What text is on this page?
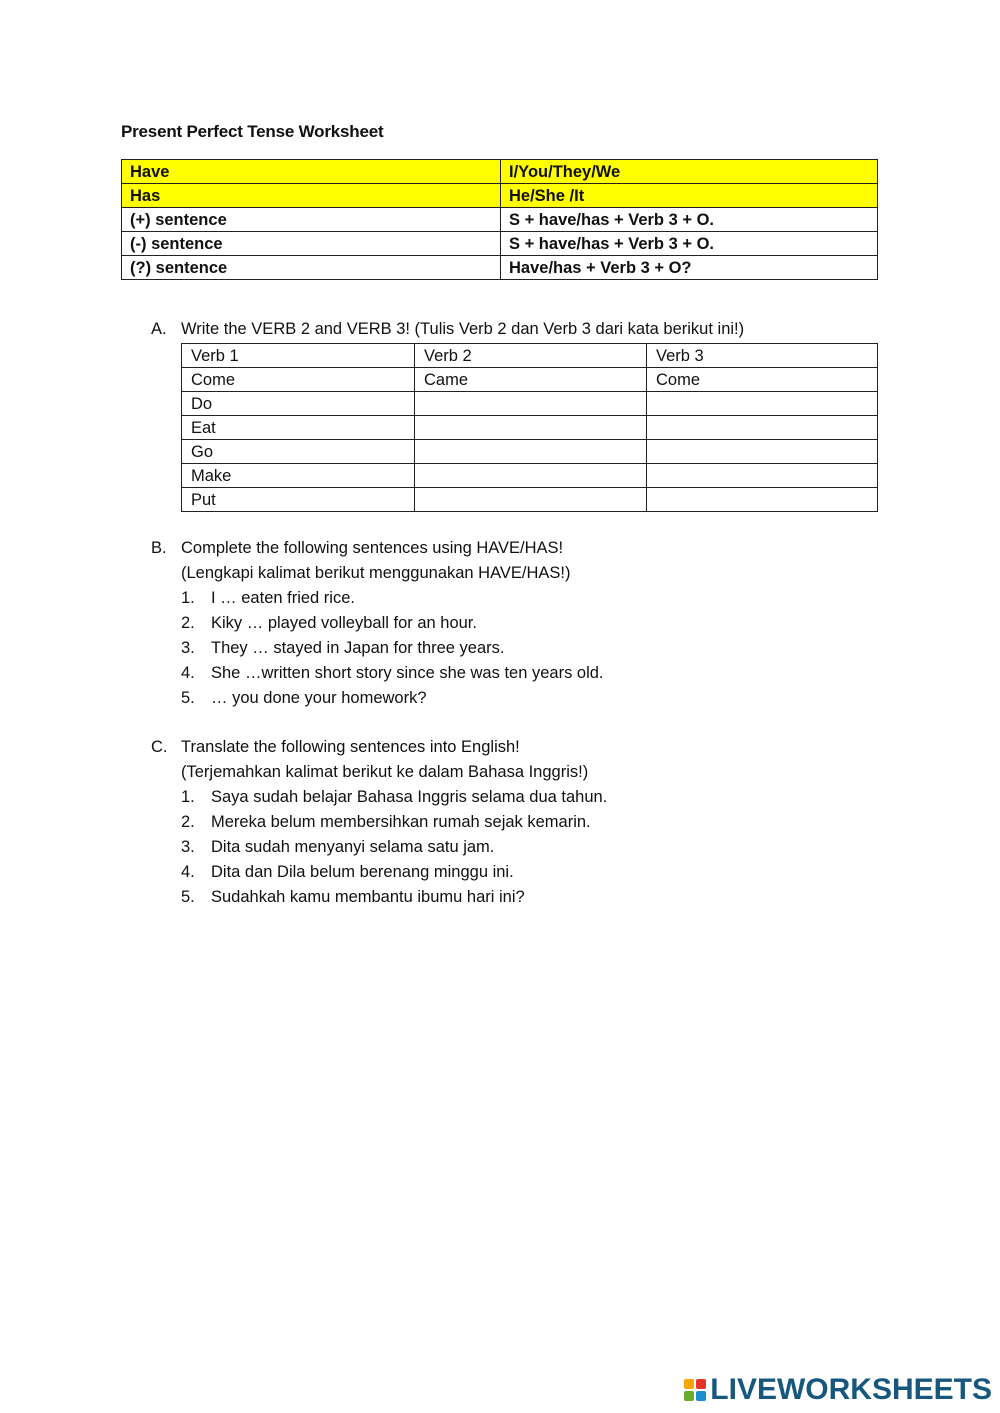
Present Perfect Tense Worksheet
Have	I/You/They/We
Has	He/She /It
(+) sentence	S + have/has + Verb 3 + O.
(-) sentence	S + have/has + Verb 3 + O.
(?) sentence	Have/has + Verb 3 + O?
A. Write the VERB 2 and VERB 3! (Tulis Verb 2 dan Verb 3 dari kata berikut ini!)
Verb 1	Verb 2	Verb 3
Come	Came	Come
Do		
Eat		
Go		
Make		
Put		
B. Complete the following sentences using HAVE/HAS!
(Lengkapi kalimat berikut menggunakan HAVE/HAS!)
1. I … eaten fried rice.
2. Kiky … played volleyball for an hour.
3. They … stayed in Japan for three years.
4. She …written short story since she was ten years old.
5. … you done your homework?
C. Translate the following sentences into English!
(Terjemahkan kalimat berikut ke dalam Bahasa Inggris!)
1. Saya sudah belajar Bahasa Inggris selama dua tahun.
2. Mereka belum membersihkan rumah sejak kemarin.
3. Dita sudah menyanyi selama satu jam.
4. Dita dan Dila belum berenang minggu ini.
5. Sudahkah kamu membantu ibumu hari ini?
LIVEWORKSHEETS
